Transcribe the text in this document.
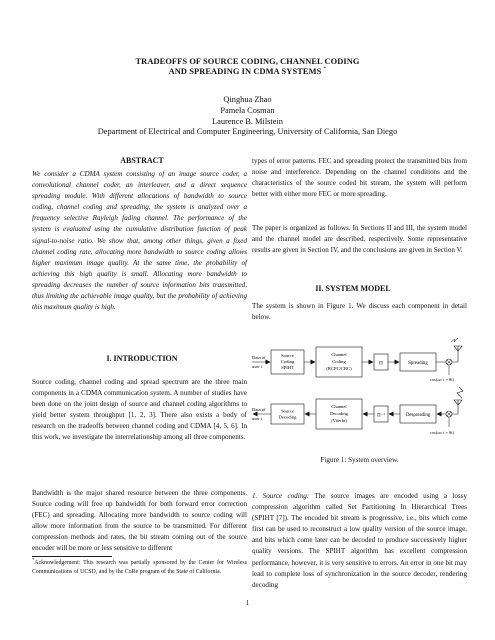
TRADEOFFS OF SOURCE CODING, CHANNEL CODING
AND SPREADING IN CDMA SYSTEMS *
Qinghua Zhao
Pamela Cosman
Laurence B. Milstein
Department of Electrical and Computer Engineering, University of California, San Diego
ABSTRACT
We consider a CDMA system consisting of an image source coder, a convolutional channel coder, an interleaver, and a direct sequence spreading module. With different allocations of bandwidth to source coding, channel coding and spreading, the system is analyzed over a frequency selective Rayleigh fading channel. The performance of the system is evaluated using the cumulative distribution function of peak signal-to-noise ratio. We show that, among other things, given a fixed channel coding rate, allocating more bandwidth to source coding allows higher maximum image quality. At the same time, the probability of achieving this high quality is small. Allocating more bandwidth to spreading decreases the number of source information bits transmitted, thus limiting the achievable image quality, but the probability of achieving this maximum quality is high.
I. INTRODUCTION
Source coding, channel coding and spread spectrum are the three main components in a CDMA communication system. A number of studies have been done on the joint design of source and channel coding algorithms to yield better system throughput [1, 2, 3]. There also exists a body of research on the tradeoffs between channel coding and CDMA [4, 5, 6]. In this work, we investigate the interrelationship among all three components.
Bandwidth is the major shared resource between the three components. Source coding will free up bandwidth for both forward error correction (FEC) and spreading. Allocating more bandwidth to source coding will allow more information from the source to be transmitted. For different compression methods and rates, the bit stream coming out of the source encoder will be more or less sensitive to different
*Acknowledgement: This research was partially sponsored by the Center for Wireless Communications of UCSD, and by the CoRe program of the State of California.
types of error patterns. FEC and spreading protect the transmitted bits from noise and interference. Depending on the channel conditions and the characteristics of the source coded bit stream, the system will perform better with either more FEC or more spreading.
The paper is organized as follows. In Sections II and III, the system model and the channel model are described, respectively. Some representative results are given in Section IV, and the conclusions are given in Section V.
II. SYSTEM MODEL
The system is shown in Figure 1. We discuss each component in detail below.
Data of
user i
Source
Coding
SPIHT
Channel
Coding
(RCPC/CRC)
Π	Spreading
cos(ωc t + θi)
Data of
user i
Source
Decoding
Channel
Decoding
(Viterbi)
Π⁻¹	Despreading
cos(ωc t + θi)
Figure 1: System overview.
1. Source coding: The source images are encoded using a lossy compression algorithm called Set Partitioning In Hierarchical Trees (SPIHT [7]). The encoded bit stream is progressive, i.e., bits which come first can be used to reconstruct a low quality version of the source image, and bits which come later can be decoded to produce successively higher quality versions. The SPIHT algorithm has excellent compression performance, however, it is very sensitive to errors. An error in one bit may lead to complete loss of synchronization in the source decoder, rendering decoding
1
